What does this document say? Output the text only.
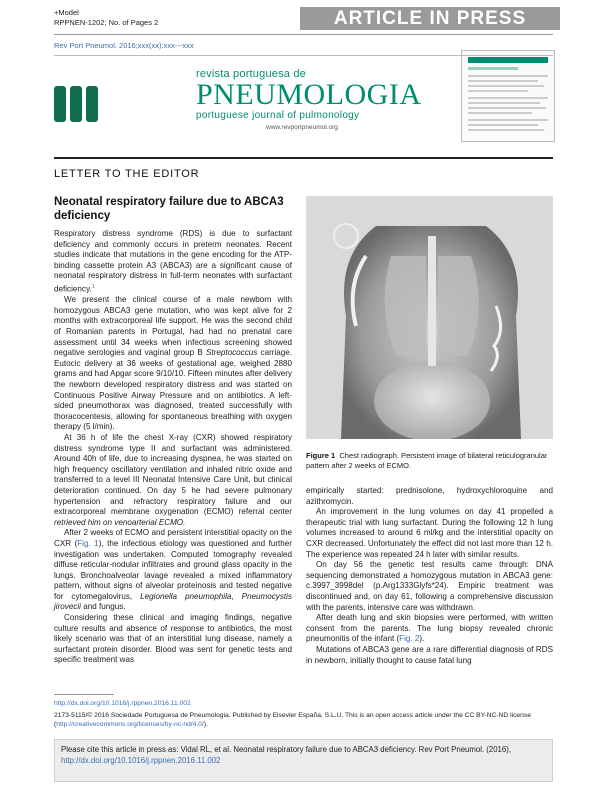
+Model
RPPNEN-1202; No. of Pages 2	ARTICLE IN PRESS
Rev Port Pneumol. 2016;xxx(xx):xxx---xxx
revista portuguesa de
PNEUMOLOGIA
portuguese journal of pulmonology
www.revportpneumol.org
LETTER TO THE EDITOR
Neonatal respiratory failure due to ABCA3 deficiency

Respiratory distress syndrome (RDS) is due to surfactant deficiency and commonly occurs in preterm neonates. Recent studies indicate that mutations in the gene encoding for the ATP-binding cassette protein A3 (ABCA3) are a significant cause of neonatal respiratory distress in full-term neonates with surfactant deficiency.$^1$

We present the clinical course of a male newborn with homozygous ABCA3 gene mutation, who was kept alive for 2 months with extracorporeal life support. He was the second child of Romanian parents in Portugal, had had no prenatal care assessment until 34 weeks when infectious screening showed negative serologies and vaginal group B Streptococcus carriage. Eutocic delivery at 36 weeks of gestational age, weighed 2880 grams and had Apgar score 9/10/10. Fifteen minutes after delivery the newborn developed respiratory distress and was started on Continuous Positive Airway Pressure and on antibiotics. A left-sided pneumothorax was diagnosed, treated successfully with thoracocentesis, allowing for spontaneous breathing with oxygen therapy (5 l/min).

At 36 h of life the chest X-ray (CXR) showed respiratory distress syndrome type II and surfactant was administered. Around 40h of life, due to increasing dyspnea, he was started on high frequency oscillatory ventilation and inhaled nitric oxide and transferred to a level III Neonatal Intensive Care Unit, but clinical deterioration continued. On day 5 he had severe pulmonary hypertension and refractory respiratory failure and our extracorporeal membrane oxygenation (ECMO) referral center retrieved him on venoarterial ECMO.

After 2 weeks of ECMO and persistent interstitial opacity on the CXR (Fig. 1), the infectious etiology was questioned and further investigation was undertaken. Computed tomography revealed diffuse reticular-nodular infiltrates and ground glass opacity in the lungs. Bronchoalveolar lavage revealed a mixed inflammatory pattern, without signs of alveolar proteinosis and tested negative for cytomegalovirus, Legionella pneumophila, Pneumocystis jirovecii and fungus.

Considering these clinical and imaging findings, negative culture results and absence of response to antibiotics, the most likely scenario was that of an interstitial lung disease, namely a surfactant protein disorder. Blood was sent for genetic tests and specific treatment was

Figure 1 Chest radiograph. Persistent image of bilateral reticulogranular pattern after 2 weeks of ECMO.

empirically started: prednisolone, hydroxychloroquine and azithromycin.

An improvement in the lung volumes on day 41 propelled a therapeutic trial with lung surfactant. During the following 12 h lung volumes increased to around 6 ml/kg and the interstitial opacity on CXR decreased. Unfortunately the effect did not last more than 12 h. The experience was repeated 24 h later with similar results.

On day 56 the genetic test results came through: DNA sequencing demonstrated a homozygous mutation in ABCA3 gene: c.3997_3998del (p.Arg1333Glyfs*24). Empiric treatment was discontinued and, on day 61, following a comprehensive discussion with the parents, intensive care was withdrawn.

After death lung and skin biopsies were performed, with written consent from the parents. The lung biopsy revealed chronic pneumonitis of the infant (Fig. 2).

Mutations of ABCA3 gene are a rare differential diagnosis of RDS in newborn, initially thought to cause fatal lung

http://dx.doi.org/10.1016/j.rppnen.2016.11.002
2173-5115/© 2016 Sociedade Portuguesa de Pneumologia. Published by Elsevier España, S.L.U. This is an open access article under the CC BY-NC-ND license (http://creativecommons.org/licenses/by-nc-nd/4.0/).
Please cite this article in press as: Vidal RL, et al. Neonatal respiratory failure due to ABCA3 deficiency. Rev Port Pneumol. (2016),
http://dx.doi.org/10.1016/j.rppnen.2016.11.002
